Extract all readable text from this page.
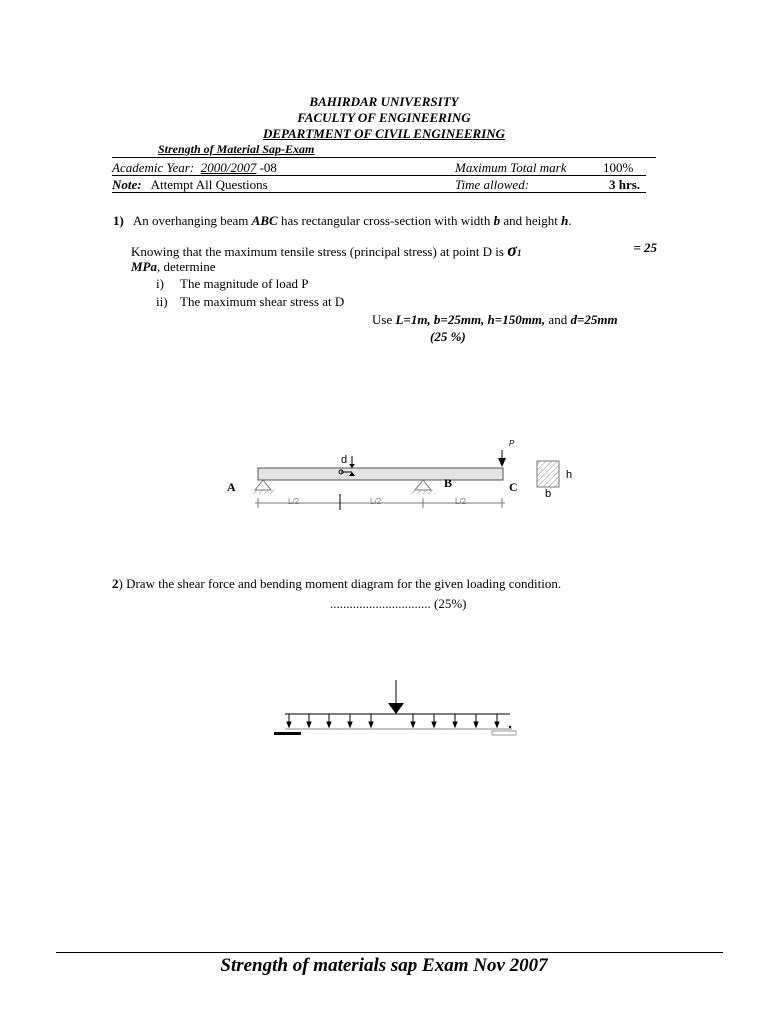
BAHIRDAR UNIVERSITY
FACULTY OF ENGINEERING
DEPARTMENT OF CIVIL ENGINEERING
Strength of Material Sap-Exam
Academic Year: 2000/2007 -08	Maximum Total mark	100%
Note: Attempt All Questions	Time allowed:	3 hrs.
1) An overhanging beam ABC has rectangular cross-section with width b and height h.
Knowing that the maximum tensile stress (principal stress) at point D is σ1	= 25
MPa, determine
i) The magnitude of load P
ii) The maximum shear stress at D
Use L=1m, b=25mm, h=150mm, and d=25mm
(25 %)
P
d
A	B	C
h
b
L/2	L/2	L/2
2) Draw the shear force and bending moment diagram for the given loading condition.
............................... (25%)
Strength of materials sap Exam Nov 2007
